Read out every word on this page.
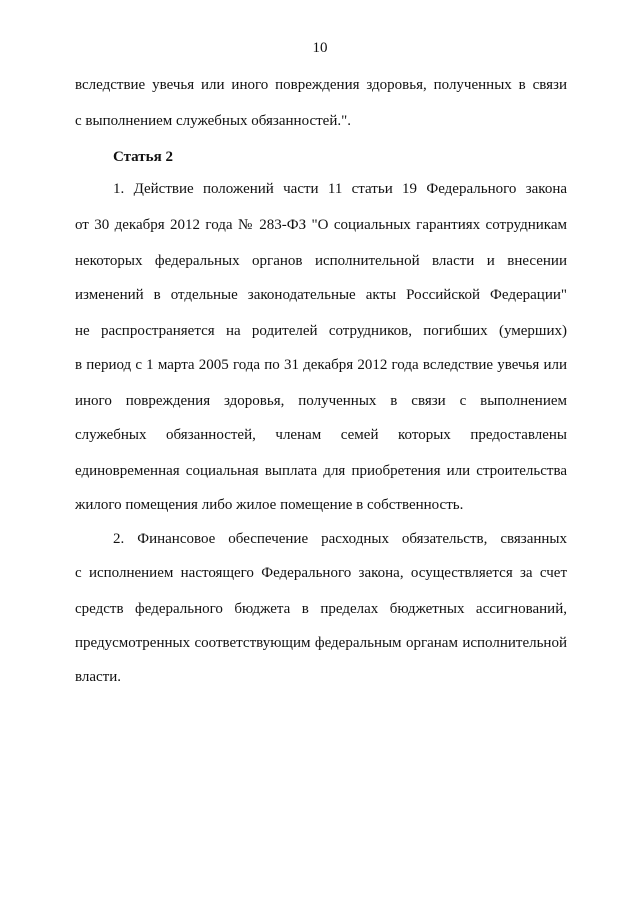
10
вследствие увечья или иного повреждения здоровья, полученных в связи
с выполнением служебных обязанностей.".
Статья 2
1. Действие положений части 11 статьи 19 Федерального закона
от 30 декабря 2012 года № 283-ФЗ "О социальных гарантиях сотрудникам
некоторых федеральных органов исполнительной власти и внесении
изменений в отдельные законодательные акты Российской Федерации"
не распространяется на родителей сотрудников, погибших (умерших)
в период с 1 марта 2005 года по 31 декабря 2012 года вследствие увечья или
иного повреждения здоровья, полученных в связи с выполнением
служебных обязанностей, членам семей которых предоставлены
единовременная социальная выплата для приобретения или строительства
жилого помещения либо жилое помещение в собственность.
2. Финансовое обеспечение расходных обязательств, связанных
с исполнением настоящего Федерального закона, осуществляется за счет
средств федерального бюджета в пределах бюджетных ассигнований,
предусмотренных соответствующим федеральным органам исполнительной
власти.
